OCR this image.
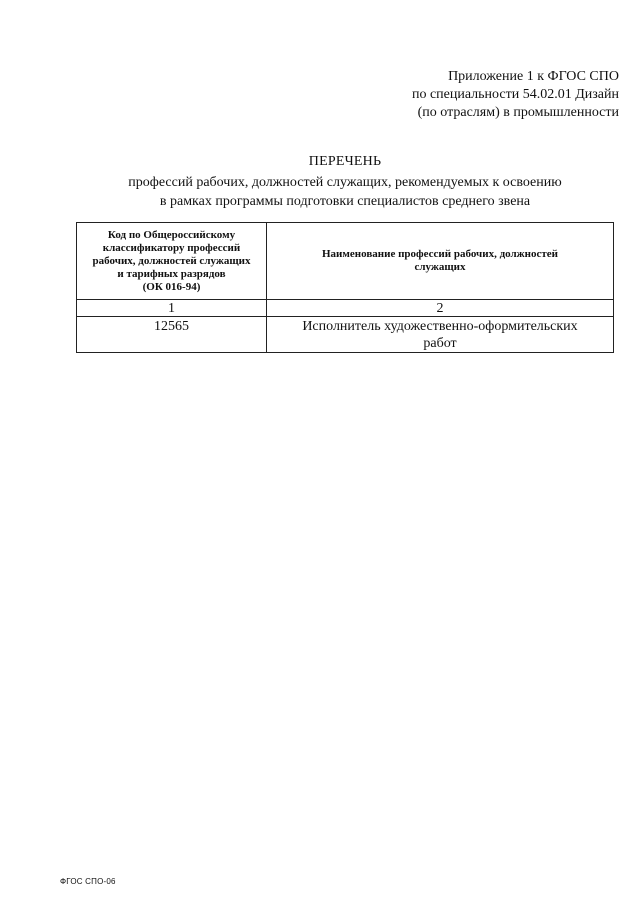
Приложение 1 к ФГОС СПО
по специальности 54.02.01 Дизайн
(по отраслям) в промышленности
ПЕРЕЧЕНЬ
профессий рабочих, должностей служащих, рекомендуемых к освоению
в рамках программы подготовки специалистов среднего звена
Код по Общероссийскому
классификатору профессий
рабочих, должностей служащих
и тарифных разрядов
(ОК 016-94)	Наименование профессий рабочих, должностей
служащих

1	2
12565	Исполнитель художественно-оформительских
работ
ФГОС СПО-06
